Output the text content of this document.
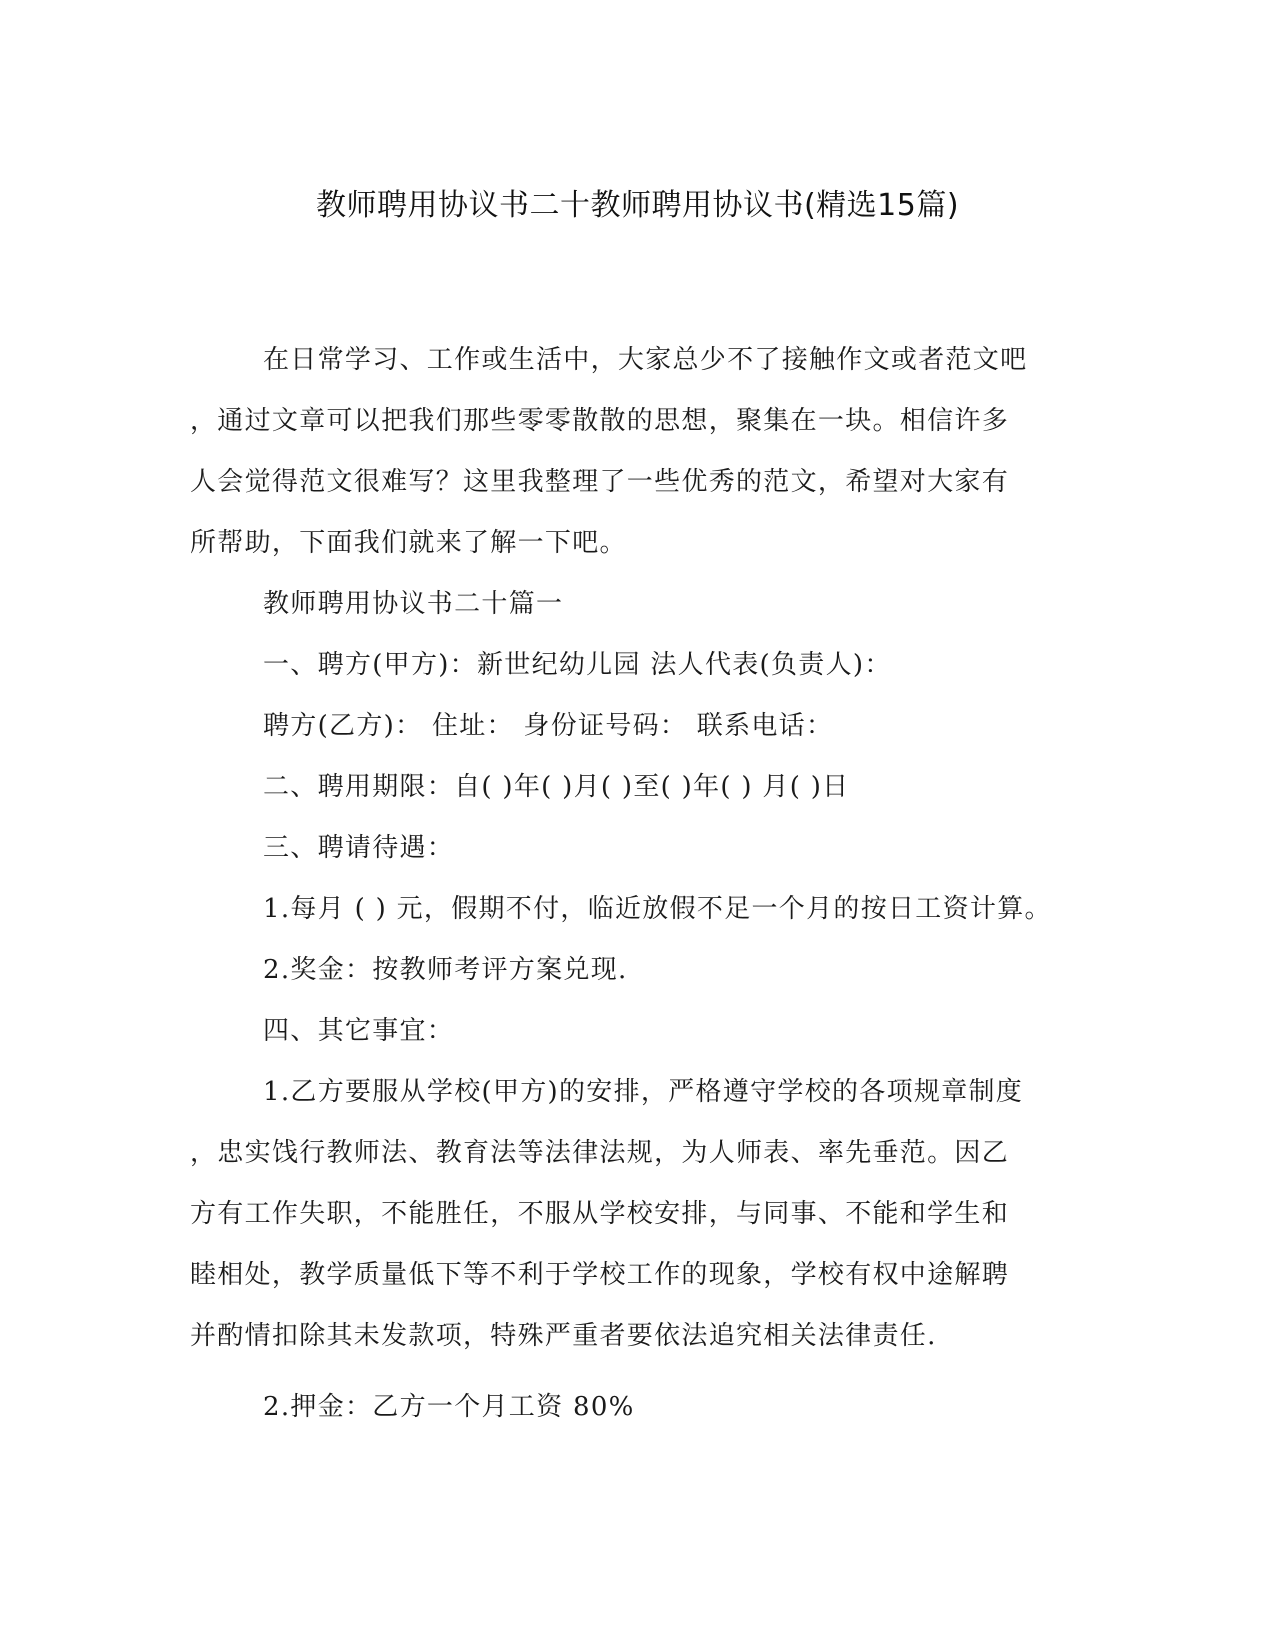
教师聘用协议书二十教师聘用协议书(精选15篇)

在日常学习、工作或生活中，大家总少不了接触作文或者范文吧

，通过文章可以把我们那些零零散散的思想，聚集在一块。相信许多

人会觉得范文很难写？这里我整理了一些优秀的范文，希望对大家有

所帮助，下面我们就来了解一下吧。

教师聘用协议书二十篇一

一、聘方(甲方)：新世纪幼儿园 法人代表(负责人)：

聘方(乙方)： 住址： 身份证号码： 联系电话：

二、聘用期限：自( )年( )月( )至( )年( ) 月( )日

三、聘请待遇：

1.每月 ( ) 元，假期不付，临近放假不足一个月的按日工资计算。

2.奖金：按教师考评方案兑现.

四、其它事宜：

1.乙方要服从学校(甲方)的安排，严格遵守学校的各项规章制度

，忠实饯行教师法、教育法等法律法规，为人师表、率先垂范。因乙

方有工作失职，不能胜任，不服从学校安排，与同事、不能和学生和

睦相处，教学质量低下等不利于学校工作的现象，学校有权中途解聘

并酌情扣除其未发款项，特殊严重者要依法追究相关法律责任.

2.押金：乙方一个月工资 80%
